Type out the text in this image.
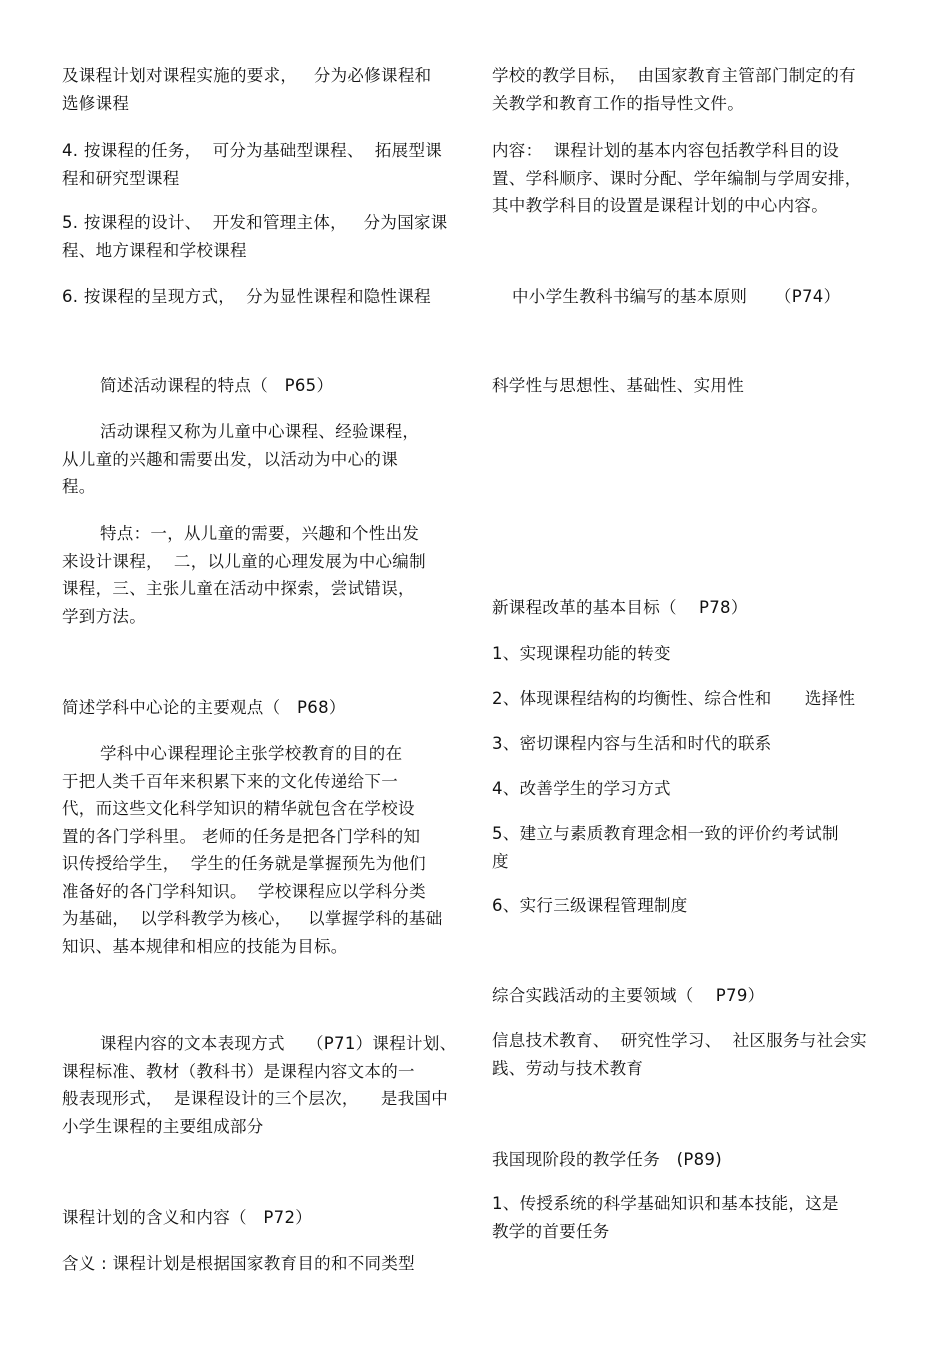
及课程计划对课程实施的要求，   分为必修课程和
选修课程

4. 按课程的任务，  可分为基础型课程、  拓展型课
程和研究型课程

5. 按课程的设计、  开发和管理主体，   分为国家课
程、地方课程和学校课程

6. 按课程的呈现方式，  分为显性课程和隐性课程

简述活动课程的特点（   P65）

活动课程又称为儿童中心课程、经验课程，
从儿童的兴趣和需要出发，以活动为中心的课
程。

特点：一，从儿童的需要，兴趣和个性出发
来设计课程，  二，以儿童的心理发展为中心编制
课程，三、主张儿童在活动中探索，尝试错误，
学到方法。

简述学科中心论的主要观点（   P68）

学科中心课程理论主张学校教育的目的在
于把人类千百年来积累下来的文化传递给下一
代，而这些文化科学知识的精华就包含在学校设
置的各门学科里。 老师的任务是把各门学科的知
识传授给学生，  学生的任务就是掌握预先为他们
准备好的各门学科知识。  学校课程应以学科分类
为基础，  以学科教学为核心，   以掌握学科的基础
知识、基本规律和相应的技能为目标。

课程内容的文本表现方式    （P71）课程计划、
课程标准、教材（教科书）是课程内容文本的一
般表现形式，  是课程设计的三个层次，    是我国中
小学生课程的主要组成部分

课程计划的含义和内容（   P72）

含义 : 课程计划是根据国家教育目的和不同类型

学校的教学目标，  由国家教育主管部门制定的有
关教学和教育工作的指导性文件。

内容：  课程计划的基本内容包括教学科目的设
置、学科顺序、课时分配、学年编制与学周安排，
其中教学科目的设置是课程计划的中心内容。

中小学生教科书编写的基本原则     （P74）

科学性与思想性、基础性、实用性

新课程改革的基本目标（    P78）

1、实现课程功能的转变

2、体现课程结构的均衡性、综合性和      选择性

3、密切课程内容与生活和时代的联系

4、改善学生的学习方式

5、建立与素质教育理念相一致的评价约考试制
度

6、实行三级课程管理制度

综合实践活动的主要领域（    P79）

信息技术教育、  研究性学习、  社区服务与社会实
践、劳动与技术教育

我国现阶段的教学任务   (P89)

1、传授系统的科学基础知识和基本技能，这是
教学的首要任务
